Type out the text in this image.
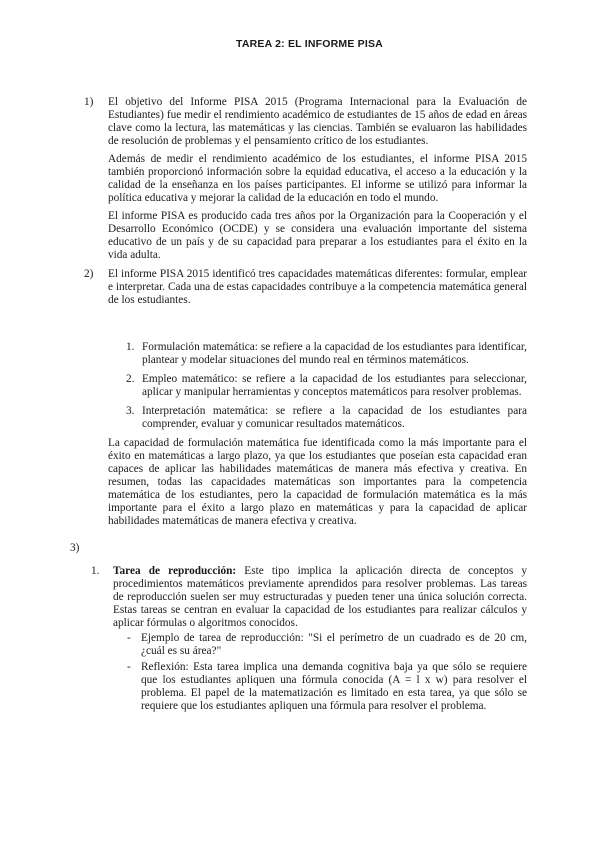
TAREA 2: EL INFORME PISA
1) El objetivo del Informe PISA 2015 (Programa Internacional para la Evaluación de Estudiantes) fue medir el rendimiento académico de estudiantes de 15 años de edad en áreas clave como la lectura, las matemáticas y las ciencias. También se evaluaron las habilidades de resolución de problemas y el pensamiento crítico de los estudiantes.

Además de medir el rendimiento académico de los estudiantes, el informe PISA 2015 también proporcionó información sobre la equidad educativa, el acceso a la educación y la calidad de la enseñanza en los países participantes. El informe se utilizó para informar la política educativa y mejorar la calidad de la educación en todo el mundo.

El informe PISA es producido cada tres años por la Organización para la Cooperación y el Desarrollo Económico (OCDE) y se considera una evaluación importante del sistema educativo de un país y de su capacidad para preparar a los estudiantes para el éxito en la vida adulta.

2) El informe PISA 2015 identificó tres capacidades matemáticas diferentes: formular, emplear e interpretar. Cada una de estas capacidades contribuye a la competencia matemática general de los estudiantes.

1. Formulación matemática: se refiere a la capacidad de los estudiantes para identificar, plantear y modelar situaciones del mundo real en términos matemáticos.

2. Empleo matemático: se refiere a la capacidad de los estudiantes para seleccionar, aplicar y manipular herramientas y conceptos matemáticos para resolver problemas.

3. Interpretación matemática: se refiere a la capacidad de los estudiantes para comprender, evaluar y comunicar resultados matemáticos.

La capacidad de formulación matemática fue identificada como la más importante para el éxito en matemáticas a largo plazo, ya que los estudiantes que poseían esta capacidad eran capaces de aplicar las habilidades matemáticas de manera más efectiva y creativa. En resumen, todas las capacidades matemáticas son importantes para la competencia matemática de los estudiantes, pero la capacidad de formulación matemática es la más importante para el éxito a largo plazo en matemáticas y para la capacidad de aplicar habilidades matemáticas de manera efectiva y creativa.

3)
1. Tarea de reproducción: Este tipo implica la aplicación directa de conceptos y procedimientos matemáticos previamente aprendidos para resolver problemas. Las tareas de reproducción suelen ser muy estructuradas y pueden tener una única solución correcta. Estas tareas se centran en evaluar la capacidad de los estudiantes para realizar cálculos y aplicar fórmulas o algoritmos conocidos.

- Ejemplo de tarea de reproducción: "Si el perímetro de un cuadrado es de 20 cm, ¿cuál es su área?"

- Reflexión: Esta tarea implica una demanda cognitiva baja ya que sólo se requiere que los estudiantes apliquen una fórmula conocida (A = l x w) para resolver el problema. El papel de la matematización es limitado en esta tarea, ya que sólo se requiere que los estudiantes apliquen una fórmula para resolver el problema.
